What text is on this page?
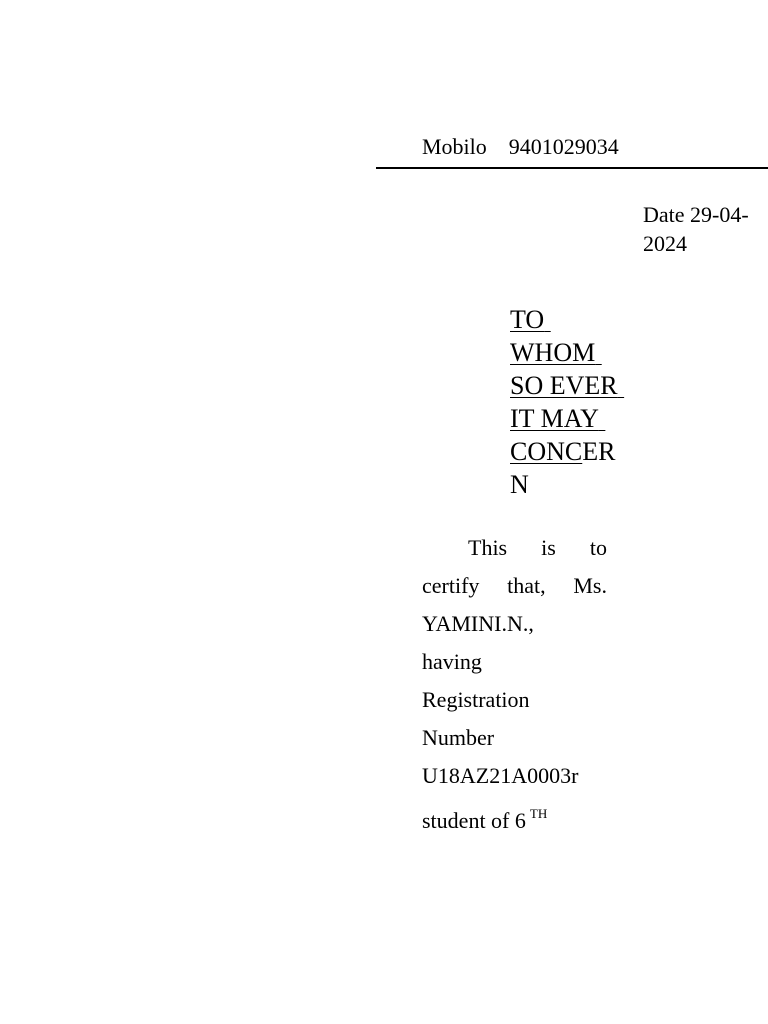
Mobilo 9401029034
Date 29-04-
2024
TO
WHOM
SO EVER
IT MAY
CONCER
N
This is to
certify that, Ms.
YAMINI.N.,
having
Registration
Number
U18AZ21A0003r
student of 6 $^{TH}$
